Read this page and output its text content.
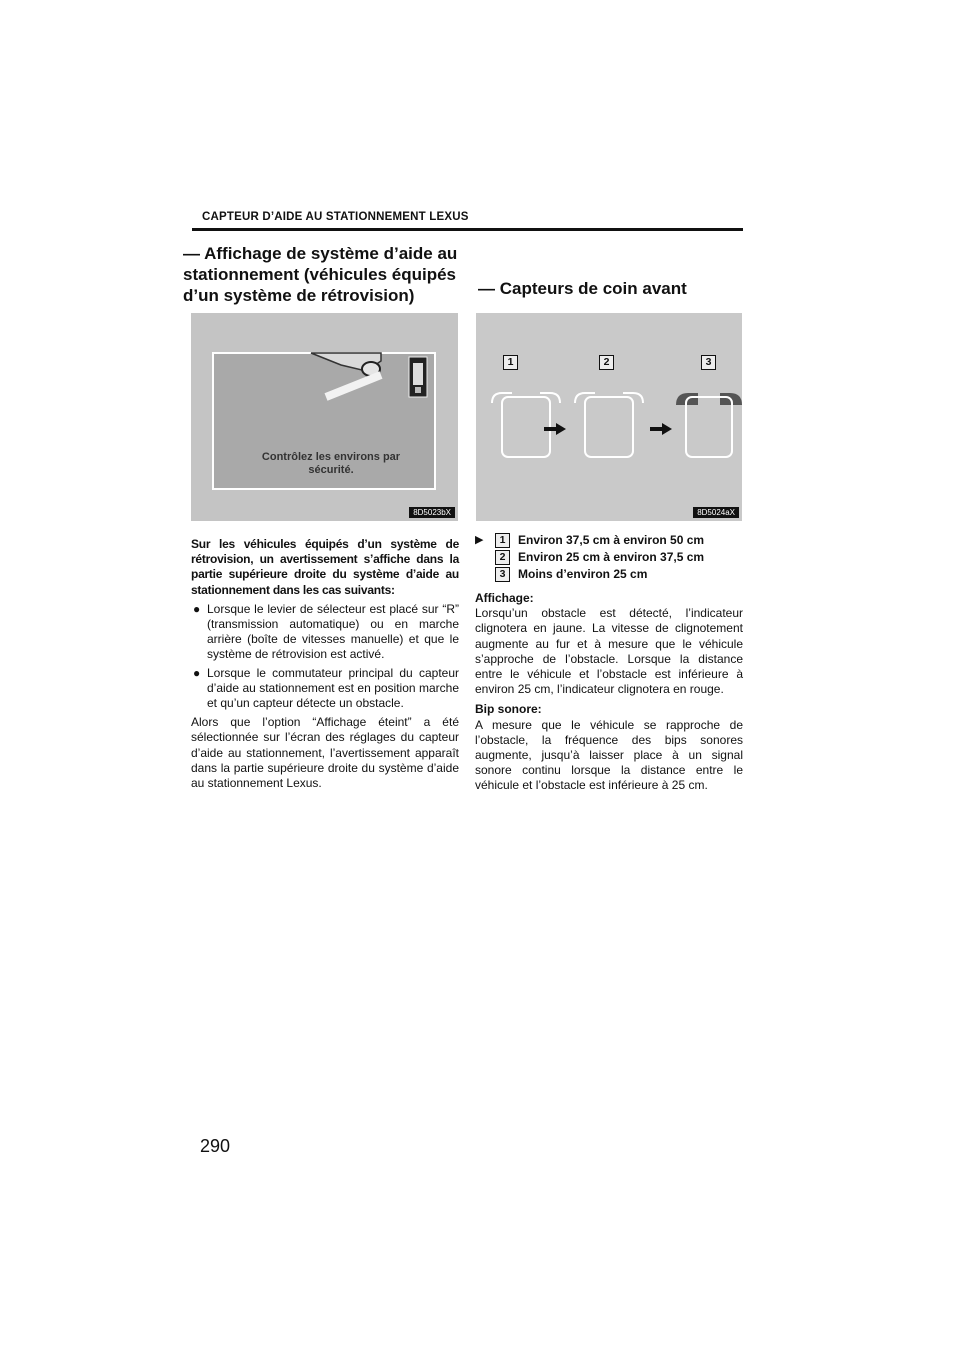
CAPTEUR D’AIDE AU STATIONNEMENT LEXUS
— Affichage de système d’aide au stationnement (véhicules équipés d’un système de rétrovision)	— Capteurs de coin avant
Contrôlez les environs par sécurité.
8D5023bX
1	2	3
8D5024aX

Sur les véhicules équipés d’un système de rétrovision, un avertissement s’affiche dans la partie supérieure droite du système d’aide au stationnement dans les cas suivants:

● Lorsque le levier de sélecteur est placé sur “R” (transmission automatique) ou en marche arrière (boîte de vitesses manuelle) et que le système de rétrovision est activé.
● Lorsque le commutateur principal du capteur d’aide au stationnement est en position marche et qu’un capteur détecte un obstacle.

Alors que l’option “Affichage éteint” a été sélectionnée sur l’écran des réglages du capteur d’aide au stationnement, l’avertissement apparaît dans la partie supérieure droite du système d’aide au stationnement Lexus.

▶	1	Environ 37,5 cm à environ 50 cm
2	Environ 25 cm à environ 37,5 cm
3	Moins d’environ 25 cm

Affichage:

Lorsqu’un obstacle est détecté, l’indicateur clignotera en jaune. La vitesse de clignotement augmente au fur et à mesure que le véhicule s’approche de l’obstacle. Lorsque la distance entre le véhicule et l’obstacle est inférieure à environ 25 cm, l’indicateur clignotera en rouge.

Bip sonore:

A mesure que le véhicule se rapproche de l’obstacle, la fréquence des bips sonores augmente, jusqu’à laisser place à un signal sonore continu lorsque la distance entre le véhicule et l’obstacle est inférieure à 25 cm.

290
